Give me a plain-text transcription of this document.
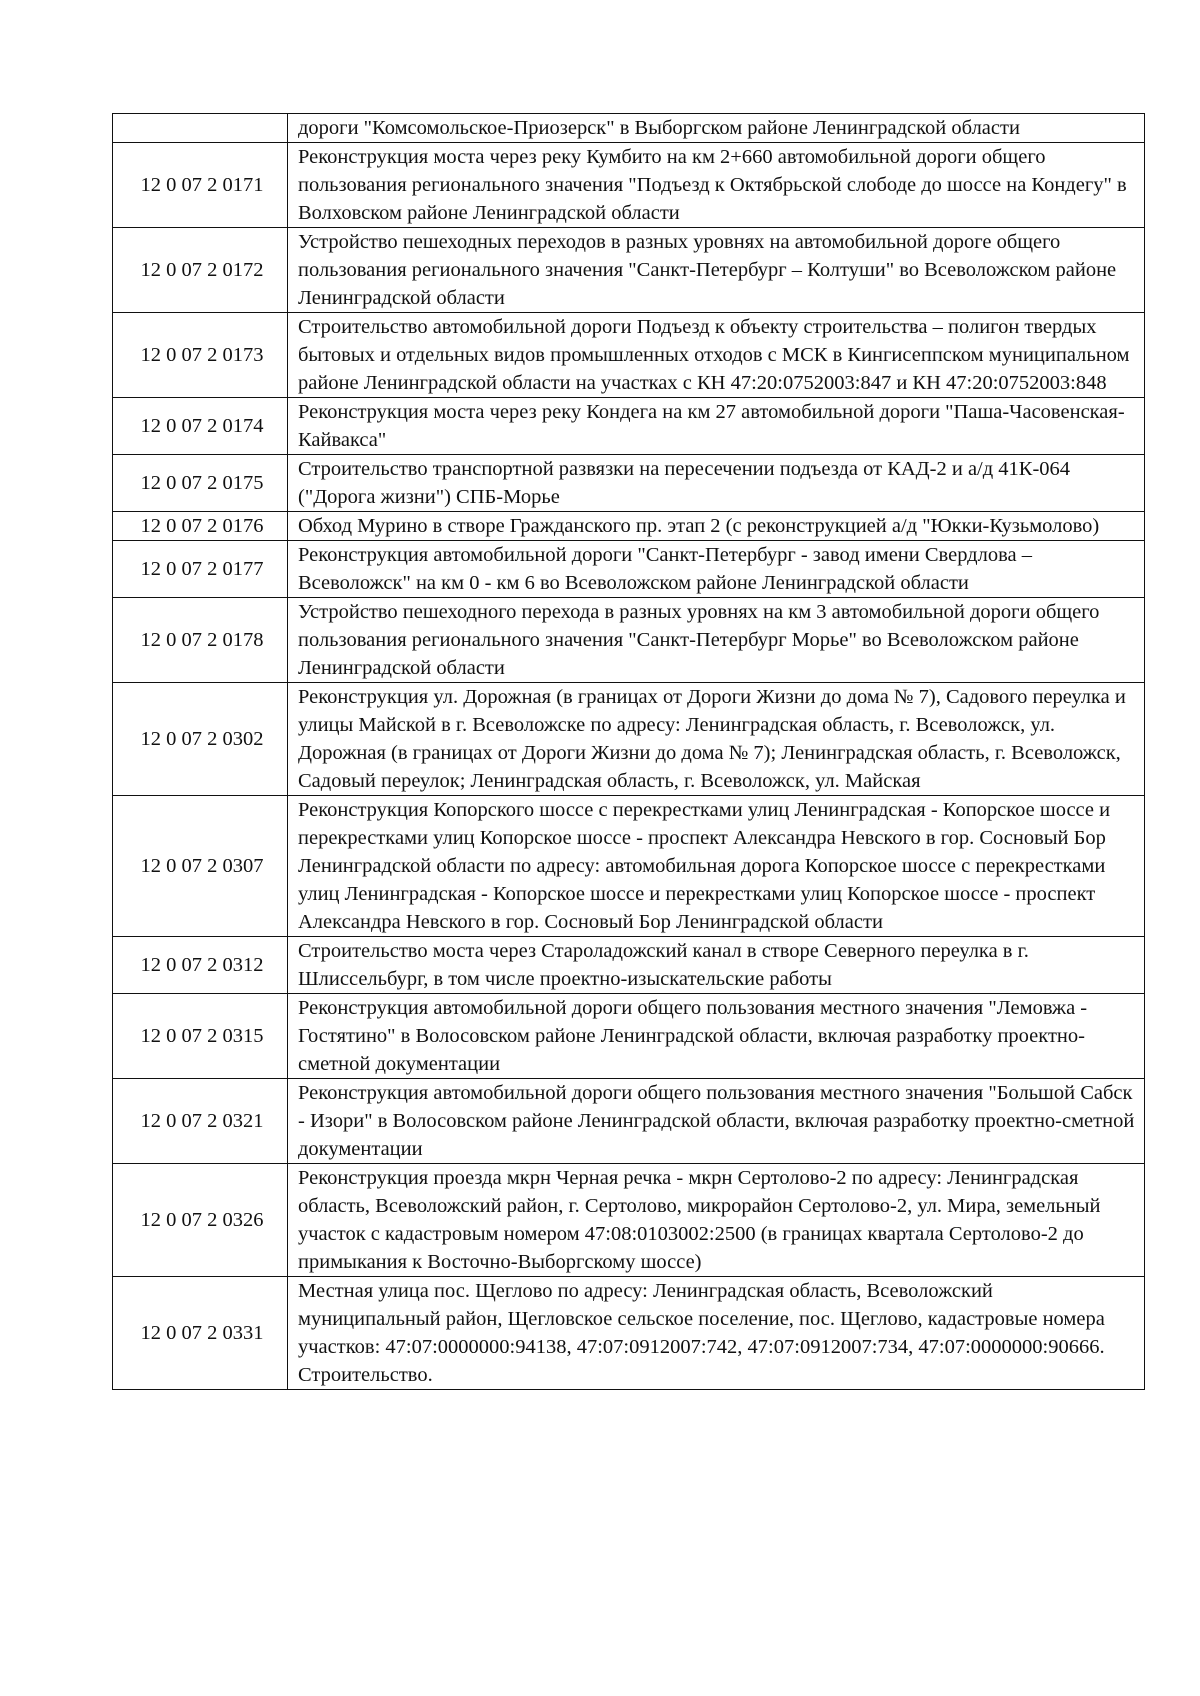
	дороги "Комсомольское-Приозерск" в Выборгском районе Ленинградской области
12 0 07 2 0171	Реконструкция моста через реку Кумбито на км 2+660 автомобильной дороги общего пользования регионального значения "Подъезд к Октябрьской слободе до шоссе на Кондегу" в Волховском районе Ленинградской области
12 0 07 2 0172	Устройство пешеходных переходов в разных уровнях на автомобильной дороге общего пользования регионального значения "Санкт-Петербург – Колтуши" во Всеволожском районе Ленинградской области
12 0 07 2 0173	Строительство автомобильной дороги Подъезд к объекту строительства – полигон твердых бытовых и отдельных видов промышленных отходов с МСК в Кингисеппском муниципальном районе Ленинградской области на участках с КН 47:20:0752003:847 и КН 47:20:0752003:848
12 0 07 2 0174	Реконструкция моста через реку Кондега на км 27 автомобильной дороги "Паша-Часовенская-Кайвакса"
12 0 07 2 0175	Строительство транспортной развязки на пересечении подъезда от КАД-2 и а/д 41К-064 ("Дорога жизни") СПБ-Морье
12 0 07 2 0176	Обход Мурино в створе Гражданского пр. этап 2 (с реконструкцией а/д "Юкки-Кузьмолово)
12 0 07 2 0177	Реконструкция автомобильной дороги "Санкт-Петербург - завод имени Свердлова – Всеволожск" на км 0 - км 6 во Всеволожском районе Ленинградской области
12 0 07 2 0178	Устройство пешеходного перехода в разных уровнях на км 3 автомобильной дороги общего пользования регионального значения "Санкт-Петербург Морье" во Всеволожском районе Ленинградской области
12 0 07 2 0302	Реконструкция ул. Дорожная (в границах от Дороги Жизни до дома № 7), Садового переулка и улицы Майской в г. Всеволожске по адресу: Ленинградская область, г. Всеволожск, ул. Дорожная (в границах от Дороги Жизни до дома № 7); Ленинградская область, г. Всеволожск, Садовый переулок; Ленинградская область, г. Всеволожск, ул. Майская
12 0 07 2 0307	Реконструкция Копорского шоссе с перекрестками улиц Ленинградская - Копорское шоссе и перекрестками улиц Копорское шоссе - проспект Александра Невского в гор. Сосновый Бор Ленинградской области по адресу: автомобильная дорога Копорское шоссе с перекрестками улиц Ленинградская - Копорское шоссе и перекрестками улиц Копорское шоссе - проспект Александра Невского в гор. Сосновый Бор Ленинградской области
12 0 07 2 0312	Строительство моста через Староладожский канал в створе Северного переулка в г. Шлиссельбург, в том числе проектно-изыскательские работы
12 0 07 2 0315	Реконструкция автомобильной дороги общего пользования местного значения "Лемовжа - Гостятино" в Волосовском районе Ленинградской области, включая разработку проектно-сметной документации
12 0 07 2 0321	Реконструкция автомобильной дороги общего пользования местного значения "Большой Сабск - Изори" в Волосовском районе Ленинградской области, включая разработку проектно-сметной документации
12 0 07 2 0326	Реконструкция проезда мкрн Черная речка - мкрн Сертолово-2 по адресу: Ленинградская область, Всеволожский район, г. Сертолово, микрорайон Сертолово-2, ул. Мира, земельный участок с кадастровым номером 47:08:0103002:2500 (в границах квартала Сертолово-2 до примыкания к Восточно-Выборгскому шоссе)
12 0 07 2 0331	Местная улица пос. Щеглово по адресу: Ленинградская область, Всеволожский муниципальный район, Щегловское сельское поселение, пос. Щеглово, кадастровые номера участков: 47:07:0000000:94138, 47:07:0912007:742, 47:07:0912007:734, 47:07:0000000:90666. Строительство.
